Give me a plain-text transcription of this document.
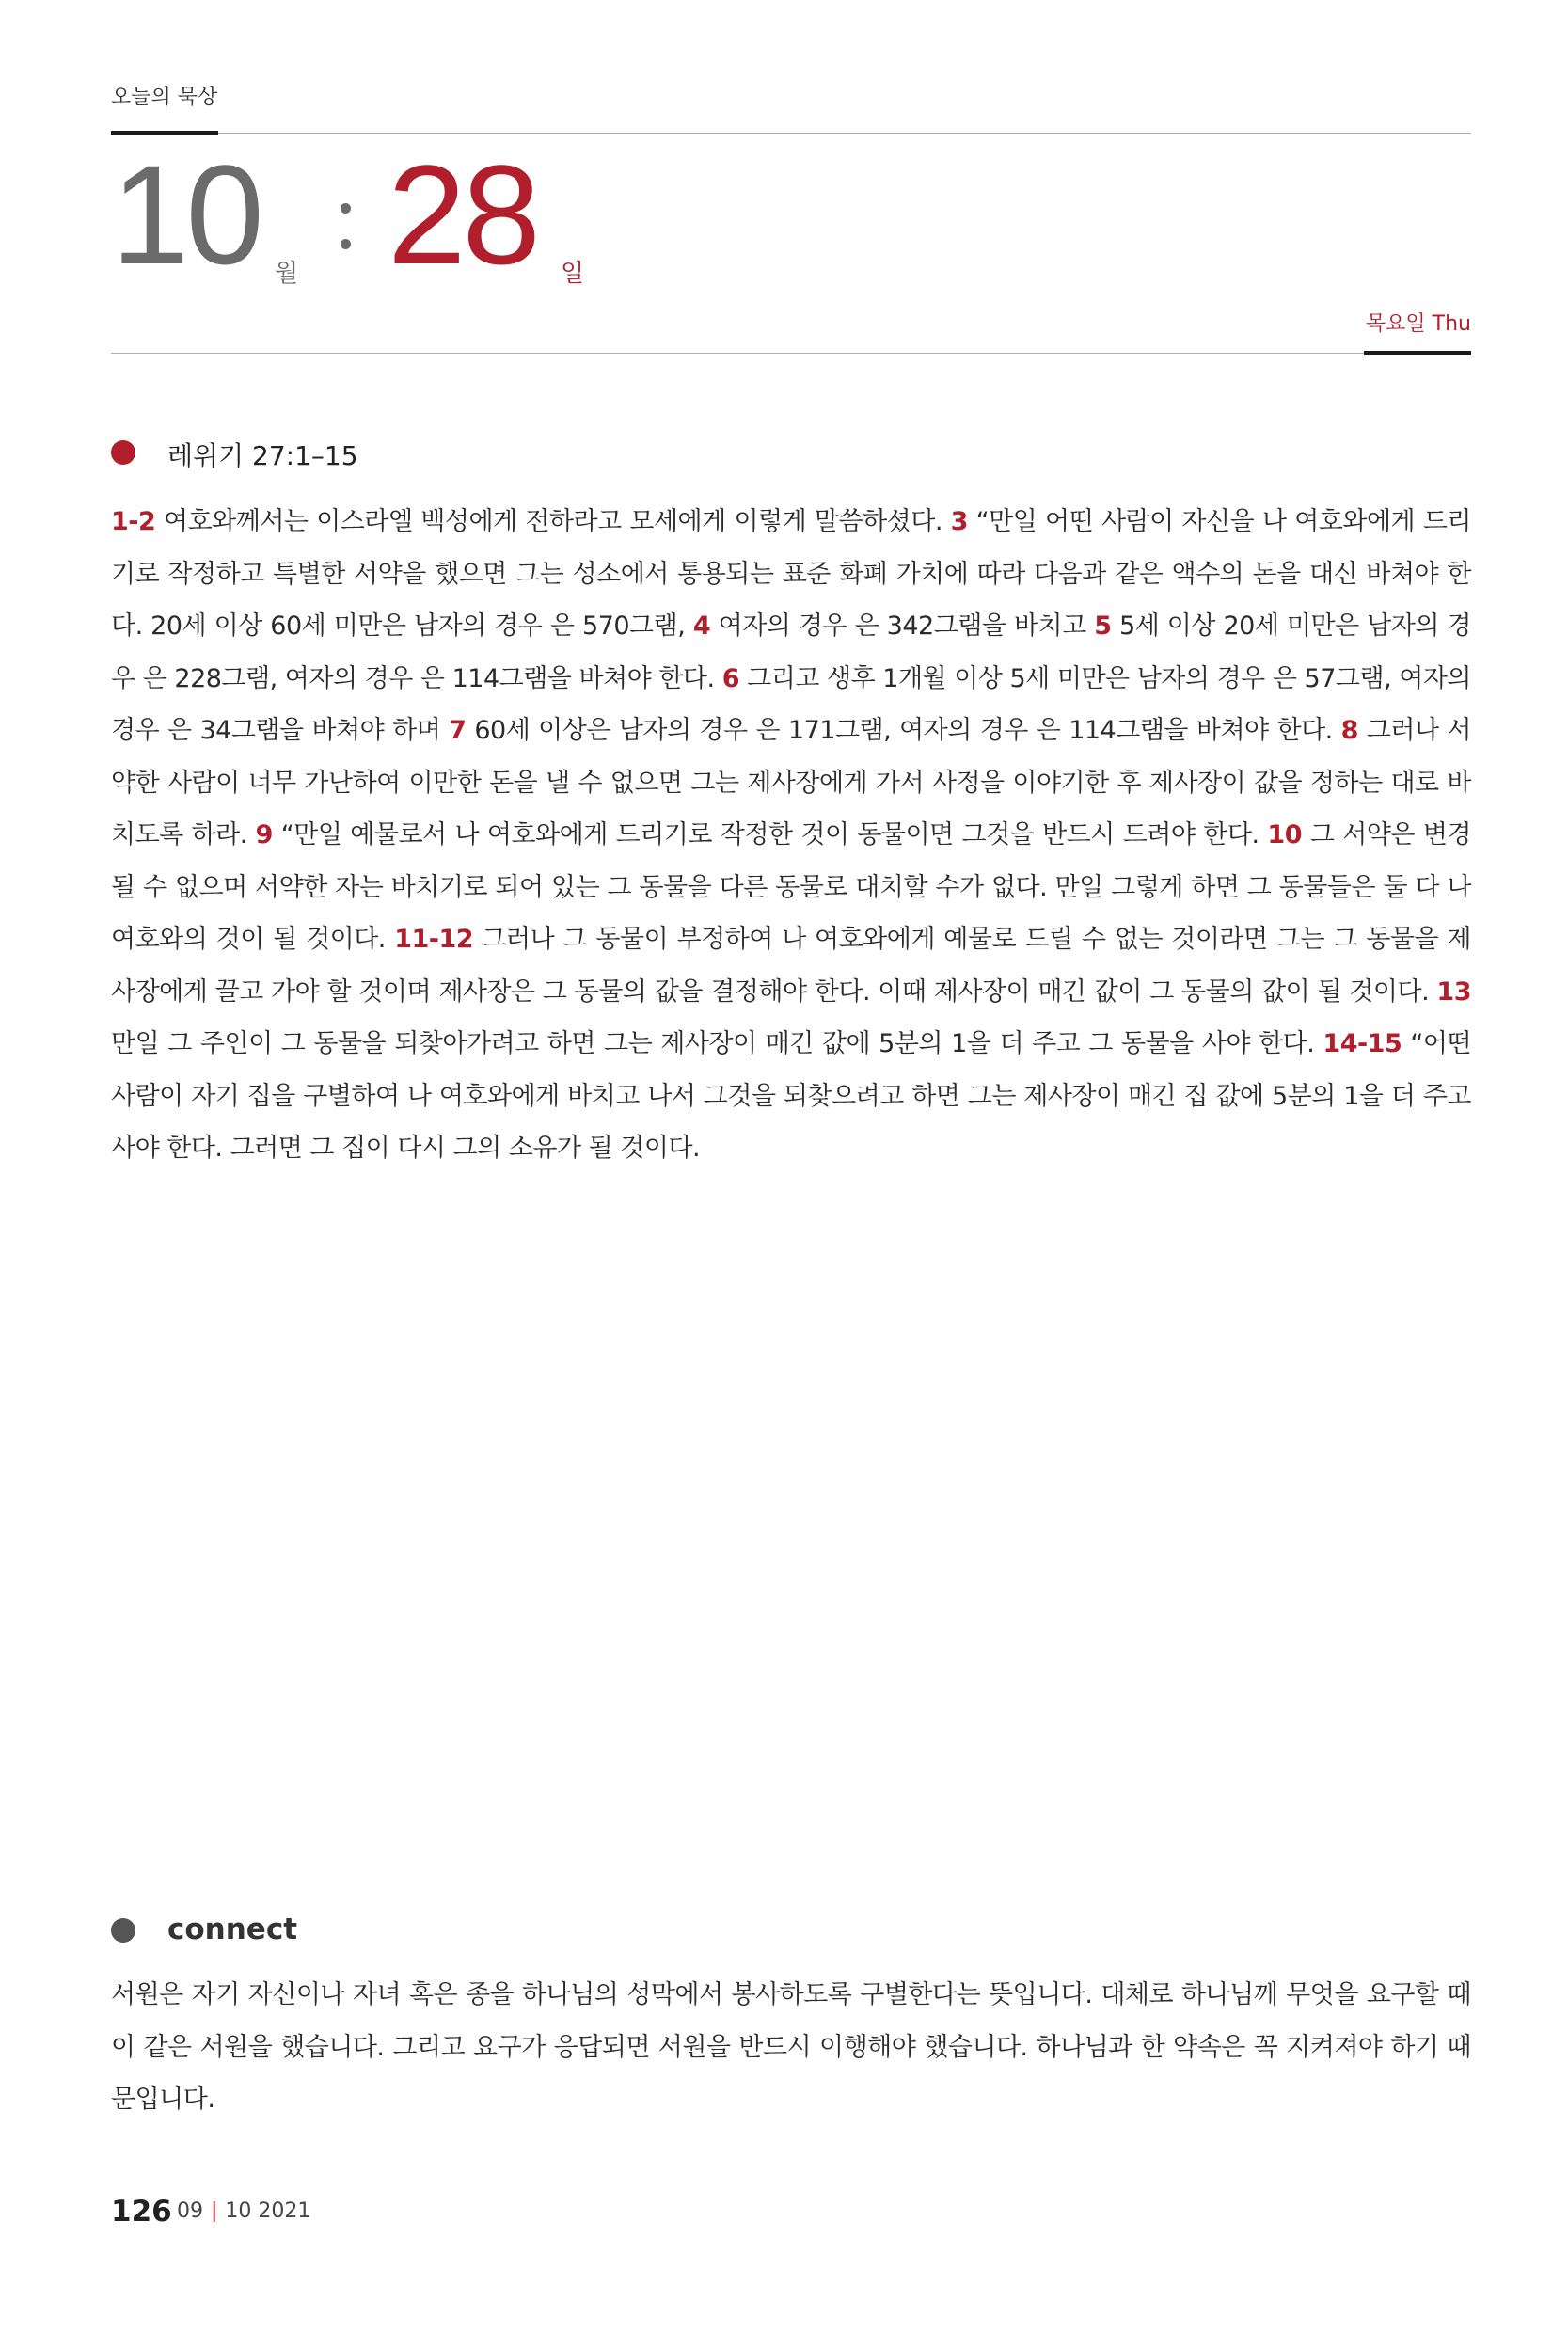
오늘의 묵상
10 월 28 일
목요일 Thu
레위기 27:1–15
1-2 여호와께서는 이스라엘 백성에게 전하라고 모세에게 이렇게 말씀하셨다. 3 “만일 어떤 사람이 자신을 나 여호와에게 드리기로 작정하고 특별한 서약을 했으면 그는 성소에서 통용되는 표준 화폐 가치에 따라 다음과 같은 액수의 돈을 대신 바쳐야 한다. 20세 이상 60세 미만은 남자의 경우 은 570그램, 4 여자의 경우 은 342그램을 바치고 5 5세 이상 20세 미만은 남자의 경우 은 228그램, 여자의 경우 은 114그램을 바쳐야 한다. 6 그리고 생후 1개월 이상 5세 미만은 남자의 경우 은 57그램, 여자의 경우 은 34그램을 바쳐야 하며 7 60세 이상은 남자의 경우 은 171그램, 여자의 경우 은 114그램을 바쳐야 한다. 8 그러나 서약한 사람이 너무 가난하여 이만한 돈을 낼 수 없으면 그는 제사장에게 가서 사정을 이야기한 후 제사장이 값을 정하는 대로 바치도록 하라. 9 “만일 예물로서 나 여호와에게 드리기로 작정한 것이 동물이면 그것을 반드시 드려야 한다. 10 그 서약은 변경될 수 없으며 서약한 자는 바치기로 되어 있는 그 동물을 다른 동물로 대치할 수가 없다. 만일 그렇게 하면 그 동물들은 둘 다 나 여호와의 것이 될 것이다. 11-12 그러나 그 동물이 부정하여 나 여호와에게 예물로 드릴 수 없는 것이라면 그는 그 동물을 제사장에게 끌고 가야 할 것이며 제사장은 그 동물의 값을 결정해야 한다. 이때 제사장이 매긴 값이 그 동물의 값이 될 것이다. 13 만일 그 주인이 그 동물을 되찾아가려고 하면 그는 제사장이 매긴 값에 5분의 1을 더 주고 그 동물을 사야 한다. 14-15 “어떤 사람이 자기 집을 구별하여 나 여호와에게 바치고 나서 그것을 되찾으려고 하면 그는 제사장이 매긴 집 값에 5분의 1을 더 주고 사야 한다. 그러면 그 집이 다시 그의 소유가 될 것이다.
connect
서원은 자기 자신이나 자녀 혹은 종을 하나님의 성막에서 봉사하도록 구별한다는 뜻입니다. 대체로 하나님께 무엇을 요구할 때 이 같은 서원을 했습니다. 그리고 요구가 응답되면 서원을 반드시 이행해야 했습니다. 하나님과 한 약속은 꼭 지켜져야 하기 때문입니다.
126 09 | 10 2021
